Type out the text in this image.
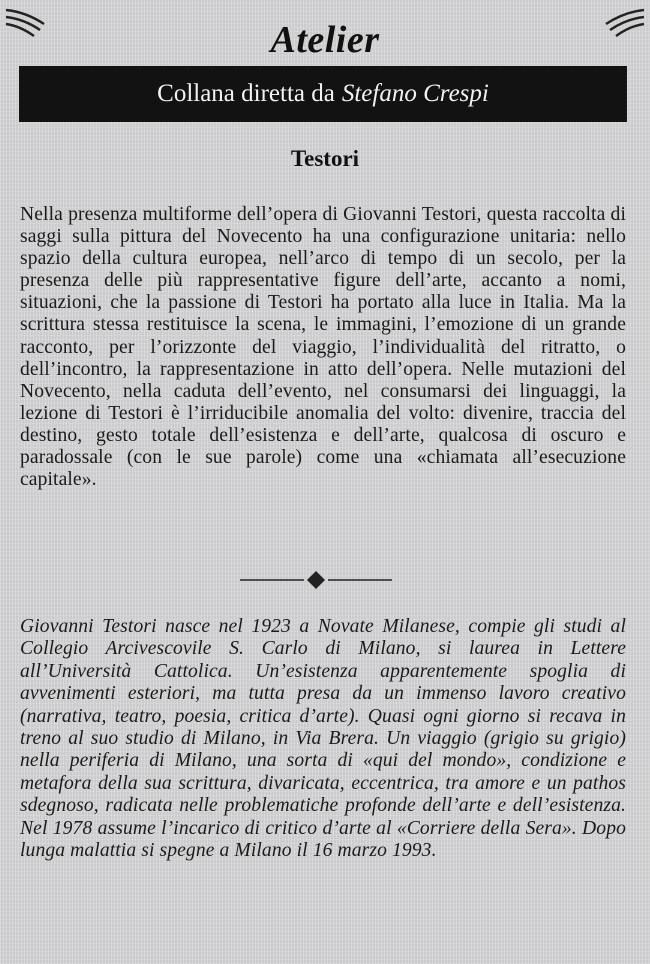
Atelier
Collana diretta da Stefano Crespi
Testori

Nella presenza multiforme dell’opera di Giovanni Testori, questa raccolta di saggi sulla pittura del Novecento ha una configurazione unitaria: nello spazio della cultura europea, nell’arco di tempo di un secolo, per la presenza delle più rappresentative figure dell’arte, accanto a nomi, situazioni, che la passione di Testori ha portato alla luce in Italia. Ma la scrittura stessa restituisce la scena, le immagini, l’emozione di un grande racconto, per l’orizzonte del viaggio, l’individualità del ritratto, o dell’incontro, la rappresentazione in atto dell’opera. Nelle mutazioni del Novecento, nella caduta dell’evento, nel consumarsi dei linguaggi, la lezione di Testori è l’irriducibile anomalia del volto: divenire, traccia del destino, gesto totale dell’esistenza e dell’arte, qualcosa di oscuro e paradossale (con le sue parole) come una «chiamata all’esecuzione capitale».

Giovanni Testori nasce nel 1923 a Novate Milanese, compie gli studi al Collegio Arcivescovile S. Carlo di Milano, si laurea in Lettere all’Università Cattolica. Un’esistenza apparentemente spoglia di avvenimenti esteriori, ma tutta presa da un immenso lavoro creativo (narrativa, teatro, poesia, critica d’arte). Quasi ogni giorno si recava in treno al suo studio di Milano, in Via Brera. Un viaggio (grigio su grigio) nella periferia di Milano, una sorta di «qui del mondo», condizione e metafora della sua scrittura, divaricata, eccentrica, tra amore e un pathos sdegnoso, radicata nelle problematiche profonde dell’arte e dell’esistenza. Nel 1978 assume l’incarico di critico d’arte al «Corriere della Sera». Dopo lunga malattia si spegne a Milano il 16 marzo 1993.
